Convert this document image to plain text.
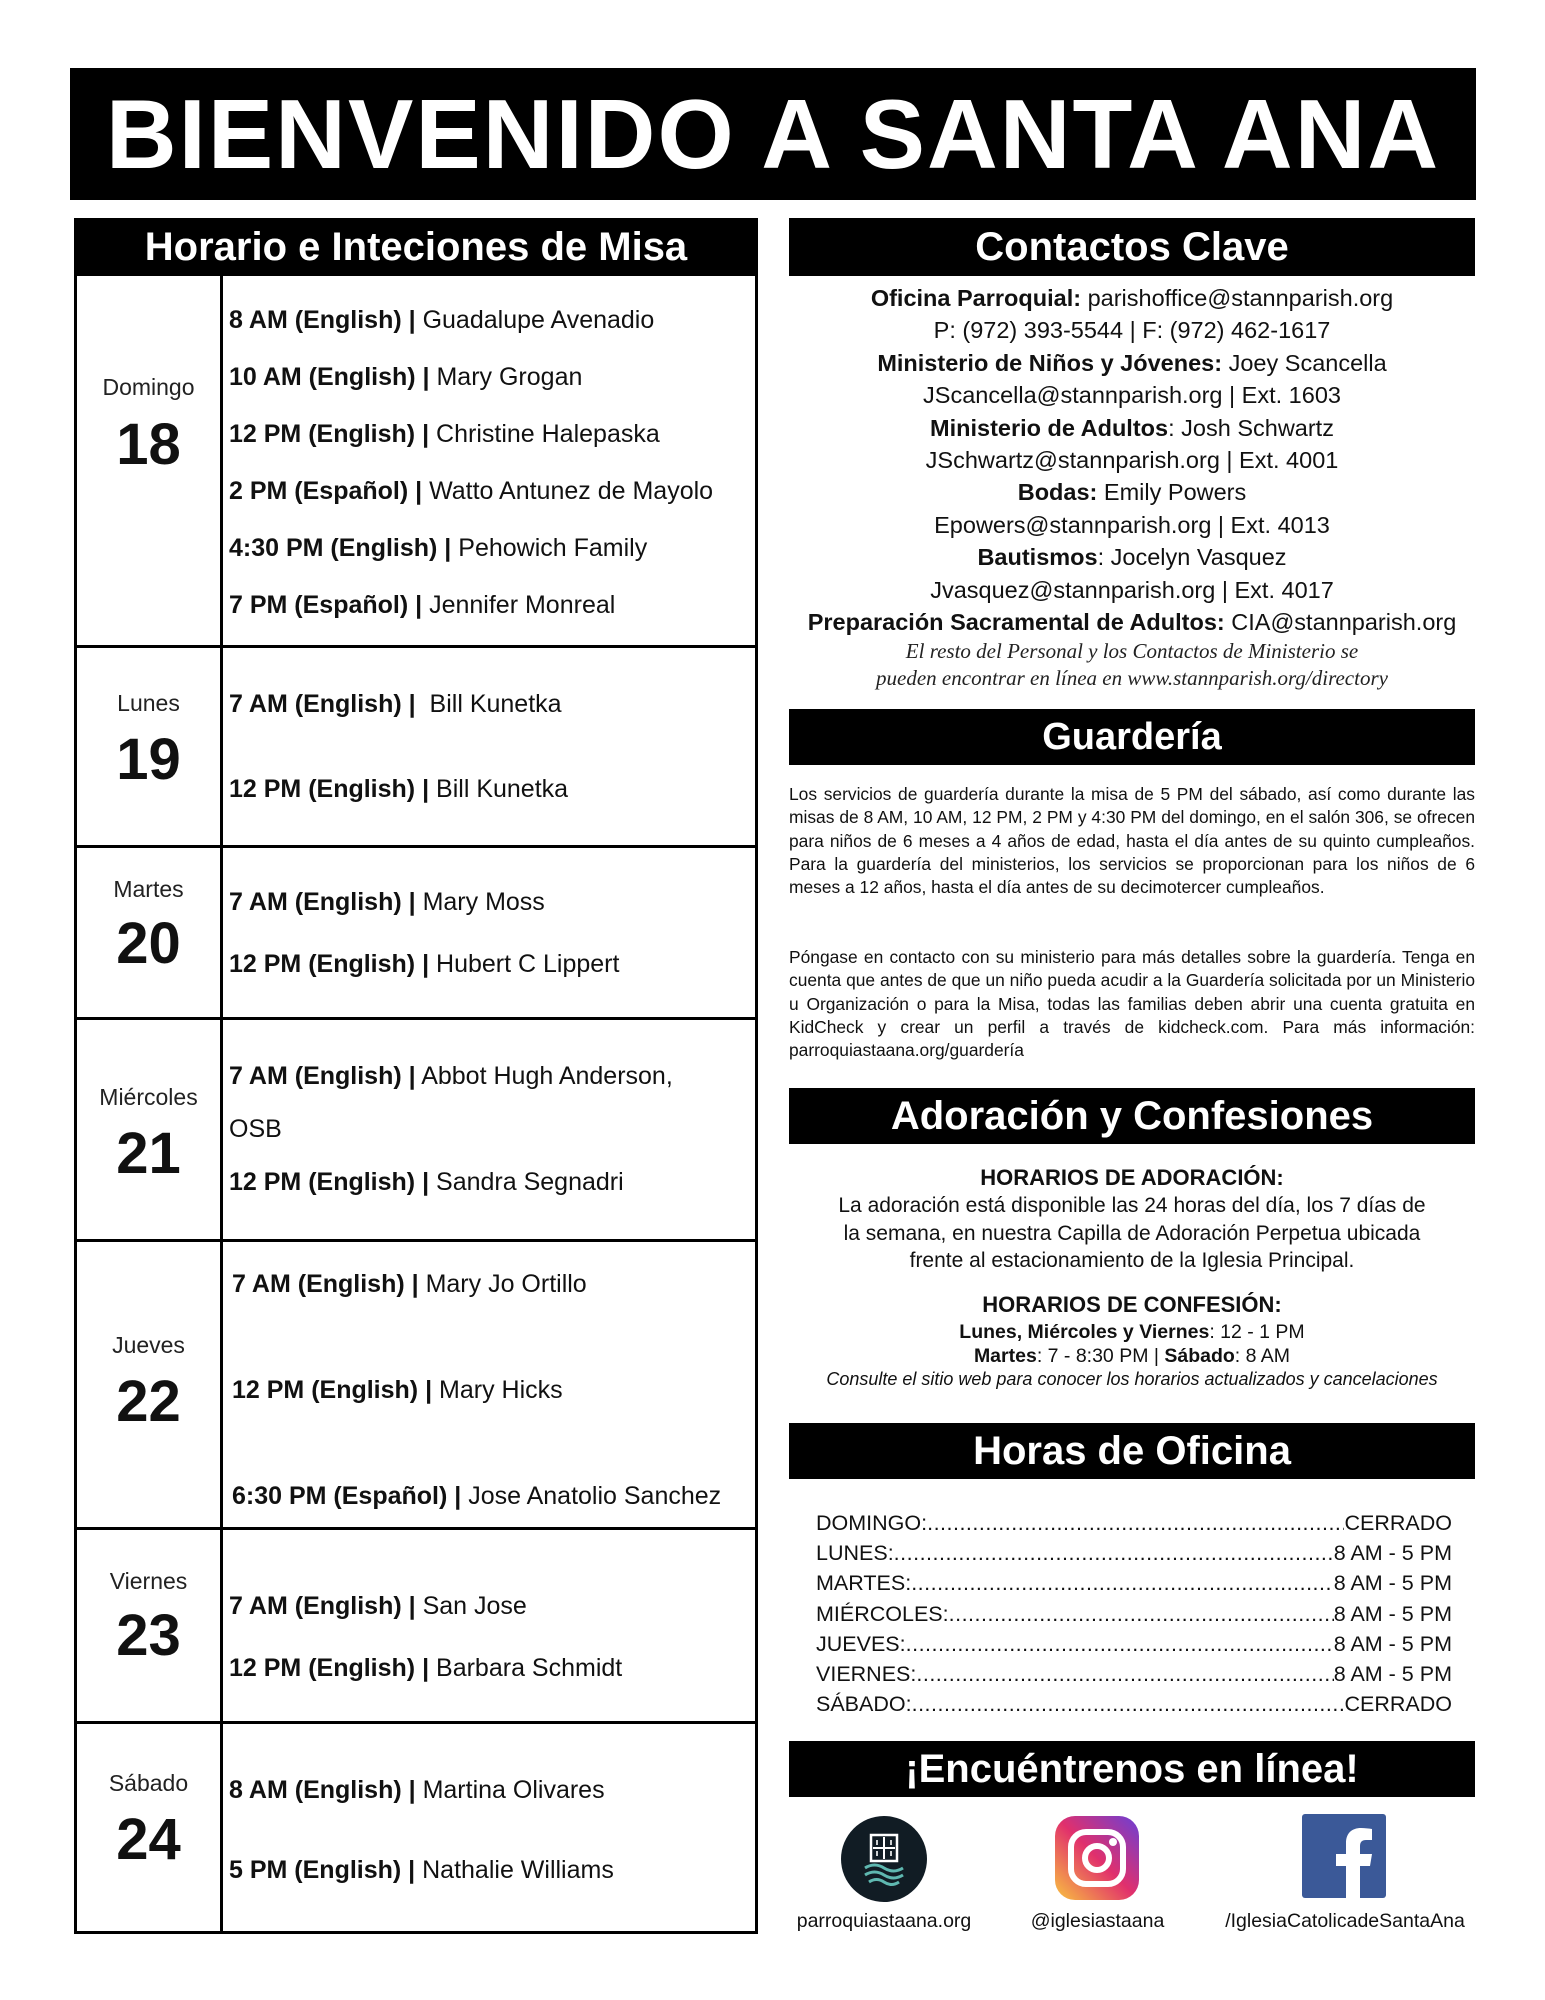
BIENVENIDO A SANTA ANA
Horario e Inteciones de Misa
Domingo
18
8 AM (English) | Guadalupe Avenadio
10 AM (English) | Mary Grogan
12 PM (English) | Christine Halepaska
2 PM (Español) | Watto Antunez de Mayolo
4:30 PM (English) | Pehowich Family
7 PM (Español) | Jennifer Monreal
Lunes
19
7 AM (English) | Bill Kunetka
12 PM (English) | Bill Kunetka
Martes
20
7 AM (English) | Mary Moss
12 PM (English) | Hubert C Lippert
Miércoles
21
7 AM (English) | Abbot Hugh Anderson,
OSB
12 PM (English) | Sandra Segnadri
Jueves
22
7 AM (English) | Mary Jo Ortillo
12 PM (English) | Mary Hicks
6:30 PM (Español) | Jose Anatolio Sanchez
Viernes
23	7 AM (English) | San Jose
12 PM (English) | Barbara Schmidt
Sábado
24
8 AM (English) | Martina Olivares
5 PM (English) | Nathalie Williams
Contactos Clave
Oficina Parroquial: parishoffice@stannparish.org
P: (972) 393-5544 | F: (972) 462-1617
Ministerio de Niños y Jóvenes: Joey Scancella
JScancella@stannparish.org | Ext. 1603
Ministerio de Adultos: Josh Schwartz
JSchwartz@stannparish.org | Ext. 4001
Bodas: Emily Powers
Epowers@stannparish.org | Ext. 4013
Bautismos: Jocelyn Vasquez
Jvasquez@stannparish.org | Ext. 4017
Preparación Sacramental de Adultos: CIA@stannparish.org
El resto del Personal y los Contactos de Ministerio se
pueden encontrar en línea en www.stannparish.org/directory
Guardería
Los servicios de guardería durante la misa de 5 PM del sábado, así como durante las misas de 8 AM, 10 AM, 12 PM, 2 PM y 4:30 PM del domingo, en el salón 306, se ofrecen para niños de 6 meses a 4 años de edad, hasta el día antes de su quinto cumpleaños. Para la guardería del ministerios, los servicios se proporcionan para los niños de 6 meses a 12 años, hasta el día antes de su decimotercer cumpleaños.
Póngase en contacto con su ministerio para más detalles sobre la guardería. Tenga en cuenta que antes de que un niño pueda acudir a la Guardería solicitada por un Ministerio u Organización o para la Misa, todas las familias deben abrir una cuenta gratuita en KidCheck y crear un perfil a través de kidcheck.com. Para más información: parroquiastaana.org/guardería
Adoración y Confesiones
HORARIOS DE ADORACIÓN:
La adoración está disponible las 24 horas del día, los 7 días de
la semana, en nuestra Capilla de Adoración Perpetua ubicada
frente al estacionamiento de la Iglesia Principal.
HORARIOS DE CONFESIÓN:
Lunes, Miércoles y Viernes: 12 - 1 PM
Martes: 7 - 8:30 PM | Sábado: 8 AM
Consulte el sitio web para conocer los horarios actualizados y cancelaciones
Horas de Oficina
DOMINGO: .....	CERRADO
LUNES: .....	8 AM - 5 PM
MARTES: .....	8 AM - 5 PM
MIÉRCOLES: .....	8 AM - 5 PM
JUEVES: .....	8 AM - 5 PM
VIERNES: .....	8 AM - 5 PM
SÁBADO: .....	CERRADO
¡Encuéntrenos en línea!
parroquiastaana.org	@iglesiastaana	/IglesiaCatolicadeSantaAna
